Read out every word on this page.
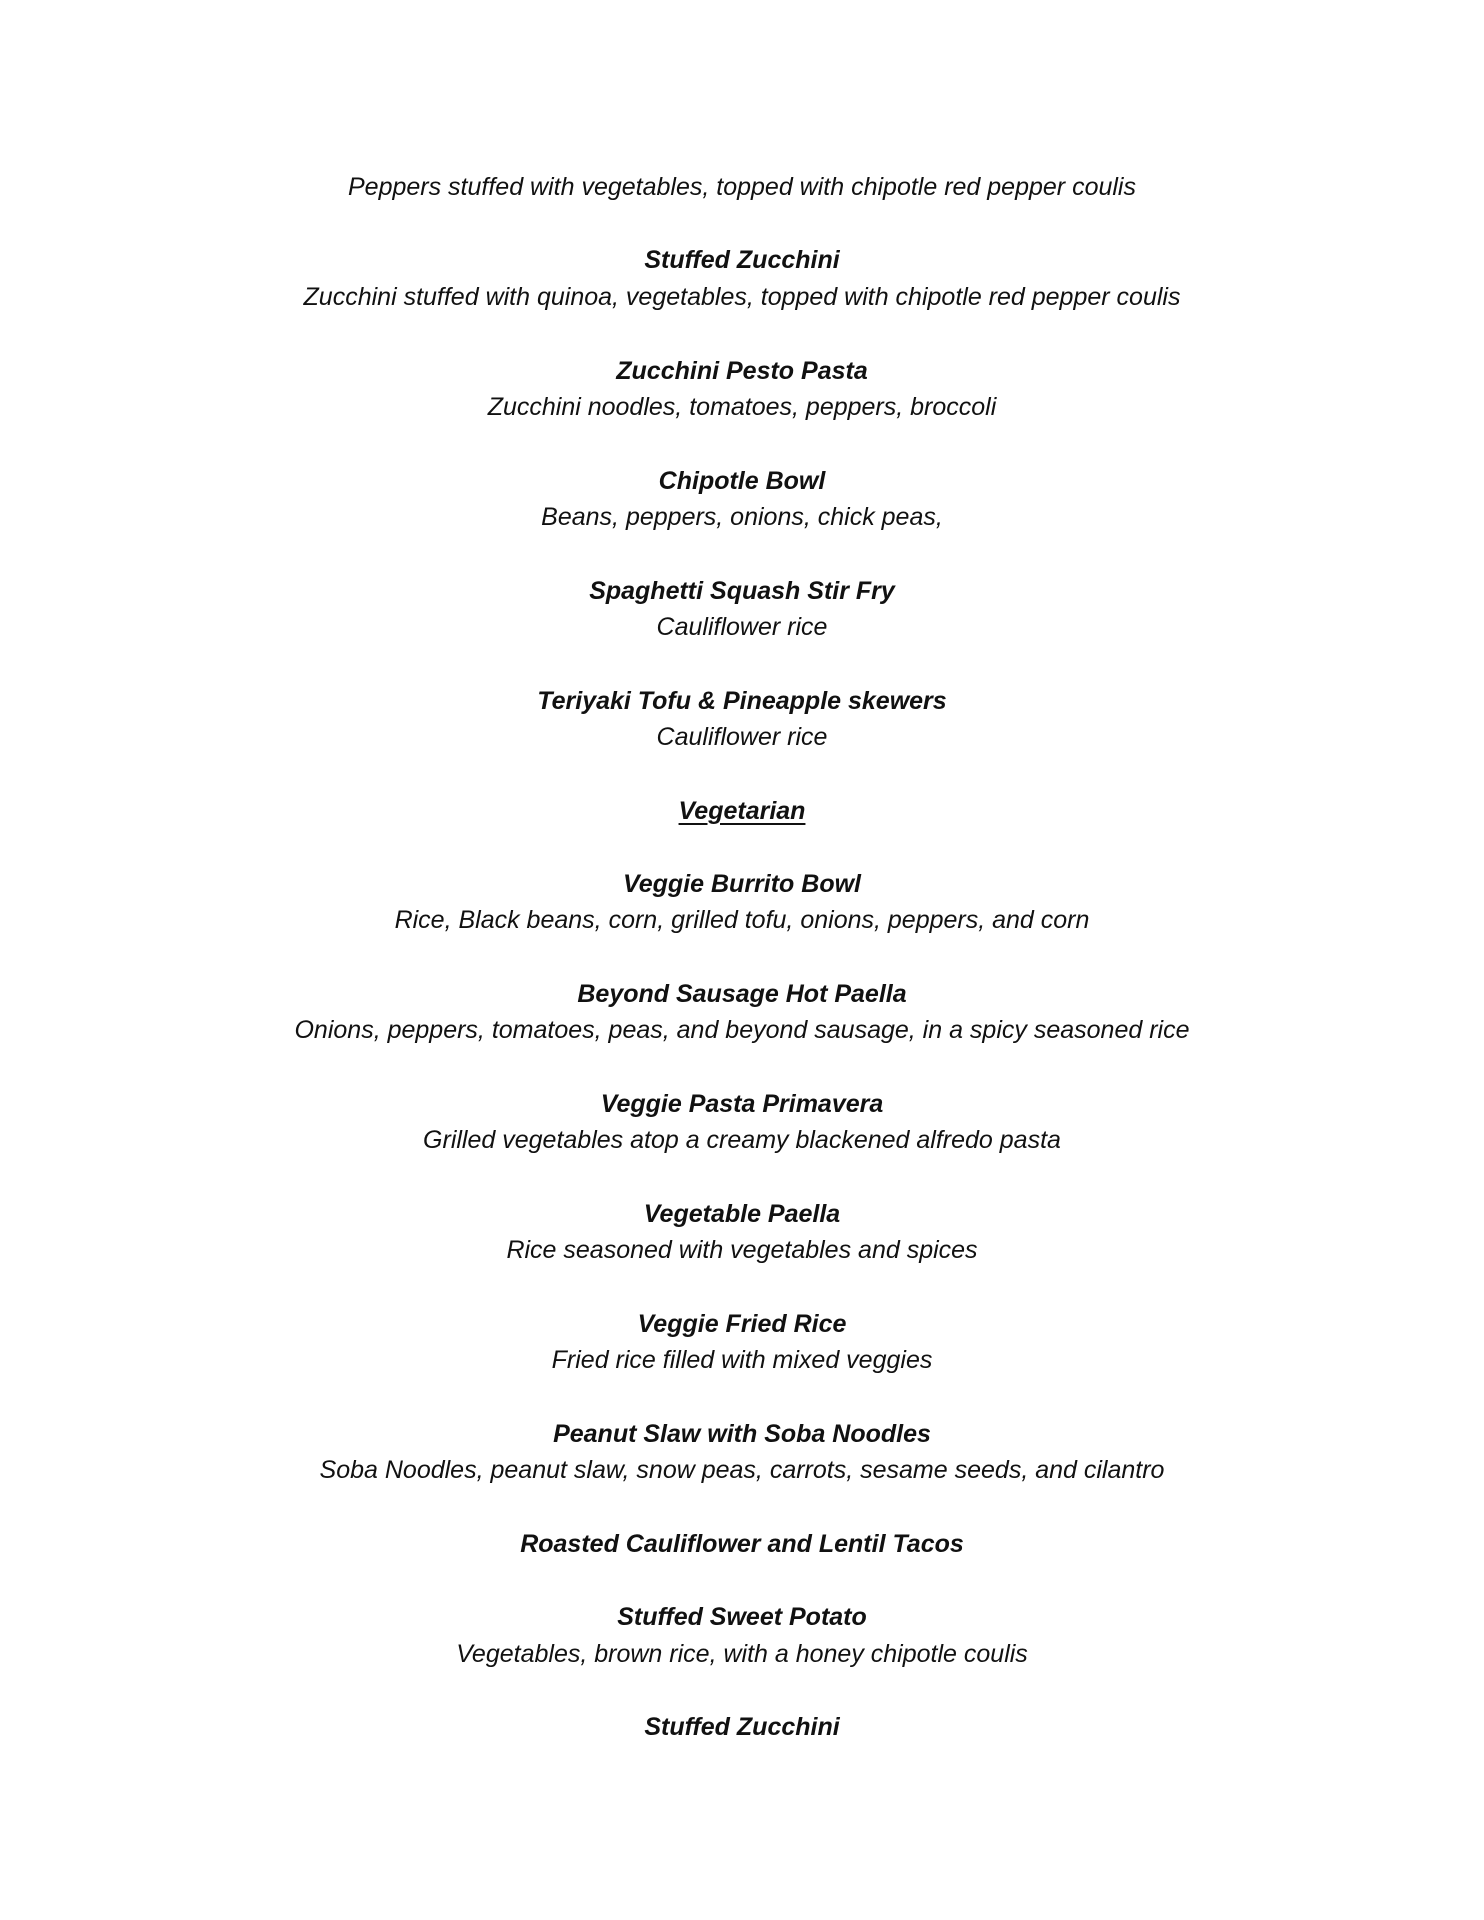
Peppers stuffed with vegetables, topped with chipotle red pepper coulis
Stuffed Zucchini
Zucchini stuffed with quinoa, vegetables, topped with chipotle red pepper coulis
Zucchini Pesto Pasta
Zucchini noodles, tomatoes, peppers, broccoli
Chipotle Bowl
Beans, peppers, onions, chick peas,
Spaghetti Squash Stir Fry
Cauliflower rice
Teriyaki Tofu & Pineapple skewers
Cauliflower rice
Vegetarian
Veggie Burrito Bowl
Rice, Black beans, corn, grilled tofu, onions, peppers, and corn
Beyond Sausage Hot Paella
Onions, peppers, tomatoes, peas, and beyond sausage, in a spicy seasoned rice
Veggie Pasta Primavera
Grilled vegetables atop a creamy blackened alfredo pasta
Vegetable Paella
Rice seasoned with vegetables and spices
Veggie Fried Rice
Fried rice filled with mixed veggies
Peanut Slaw with Soba Noodles
Soba Noodles, peanut slaw, snow peas, carrots, sesame seeds, and cilantro
Roasted Cauliflower and Lentil Tacos
Stuffed Sweet Potato
Vegetables, brown rice, with a honey chipotle coulis
Stuffed Zucchini
